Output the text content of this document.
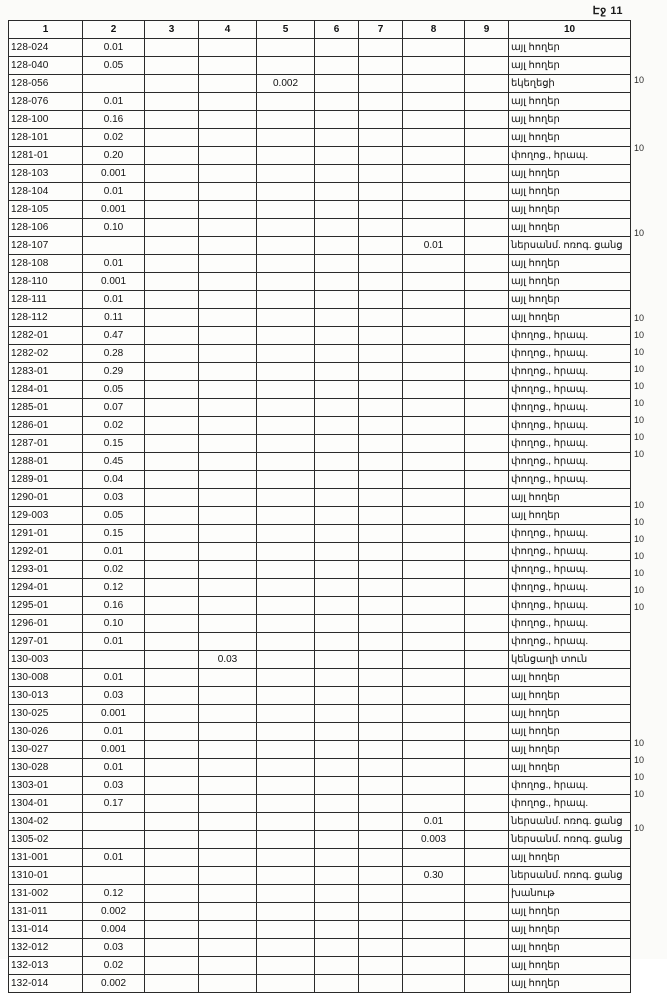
Էջ 11
1	2	3	4	5	6	7	8	9	10
128-024	0.01								այլ հողեր
128-040	0.05								այլ հողեր
128-056				0.002					եկեղեցի
128-076	0.01								այլ հողեր
128-100	0.16								այլ հողեր
128-101	0.02								այլ հողեր
1281-01	0.20								փողոց., հրապ.
128-103	0.001								այլ հողեր
128-104	0.01								այլ հողեր
128-105	0.001								այլ հողեր
128-106	0.10								այլ հողեր
128-107							0.01		ներսանմ. ոռոգ. ցանց
128-108	0.01								այլ հողեր
128-110	0.001								այլ հողեր
128-111	0.01								այլ հողեր
128-112	0.11								այլ հողեր
1282-01	0.47								փողոց., հրապ.
1282-02	0.28								փողոց., հրապ.
1283-01	0.29								փողոց., հրապ.
1284-01	0.05								փողոց., հրապ.
1285-01	0.07								փողոց., հրապ.
1286-01	0.02								փողոց., հրապ.
1287-01	0.15								փողոց., հրապ.
1288-01	0.45								փողոց., հրապ.
1289-01	0.04								փողոց., հրապ.
1290-01	0.03								այլ հողեր
129-003	0.05								այլ հողեր
1291-01	0.15								փողոց., հրապ.
1292-01	0.01								փողոց., հրապ.
1293-01	0.02								փողոց., հրապ.
1294-01	0.12								փողոց., հրապ.
1295-01	0.16								փողոց., հրապ.
1296-01	0.10								փողոց., հրապ.
1297-01	0.01								փողոց., հրապ.
130-003			0.03						կենցաղի տուն
130-008	0.01								այլ հողեր
130-013	0.03								այլ հողեր
130-025	0.001								այլ հողեր
130-026	0.01								այլ հողեր
130-027	0.001								այլ հողեր
130-028	0.01								այլ հողեր
1303-01	0.03								փողոց., հրապ.
1304-01	0.17								փողոց., հրապ.
1304-02							0.01		ներսանմ. ոռոգ. ցանց
1305-02							0.003		ներսանմ. ոռոգ. ցանց
131-001	0.01								այլ հողեր
1310-01							0.30		ներսանմ. ոռոգ. ցանց
131-002	0.12								խանութ
131-011	0.002								այլ հողեր
131-014	0.004								այլ հողեր
132-012	0.03								այլ հողեր
132-013	0.02								այլ հողեր
132-014	0.002								այլ հողեր
10
10
10
10
10
10
10
10
10
10
10
10
10
10
10
10
10
10
10
10
10
10
10
10
